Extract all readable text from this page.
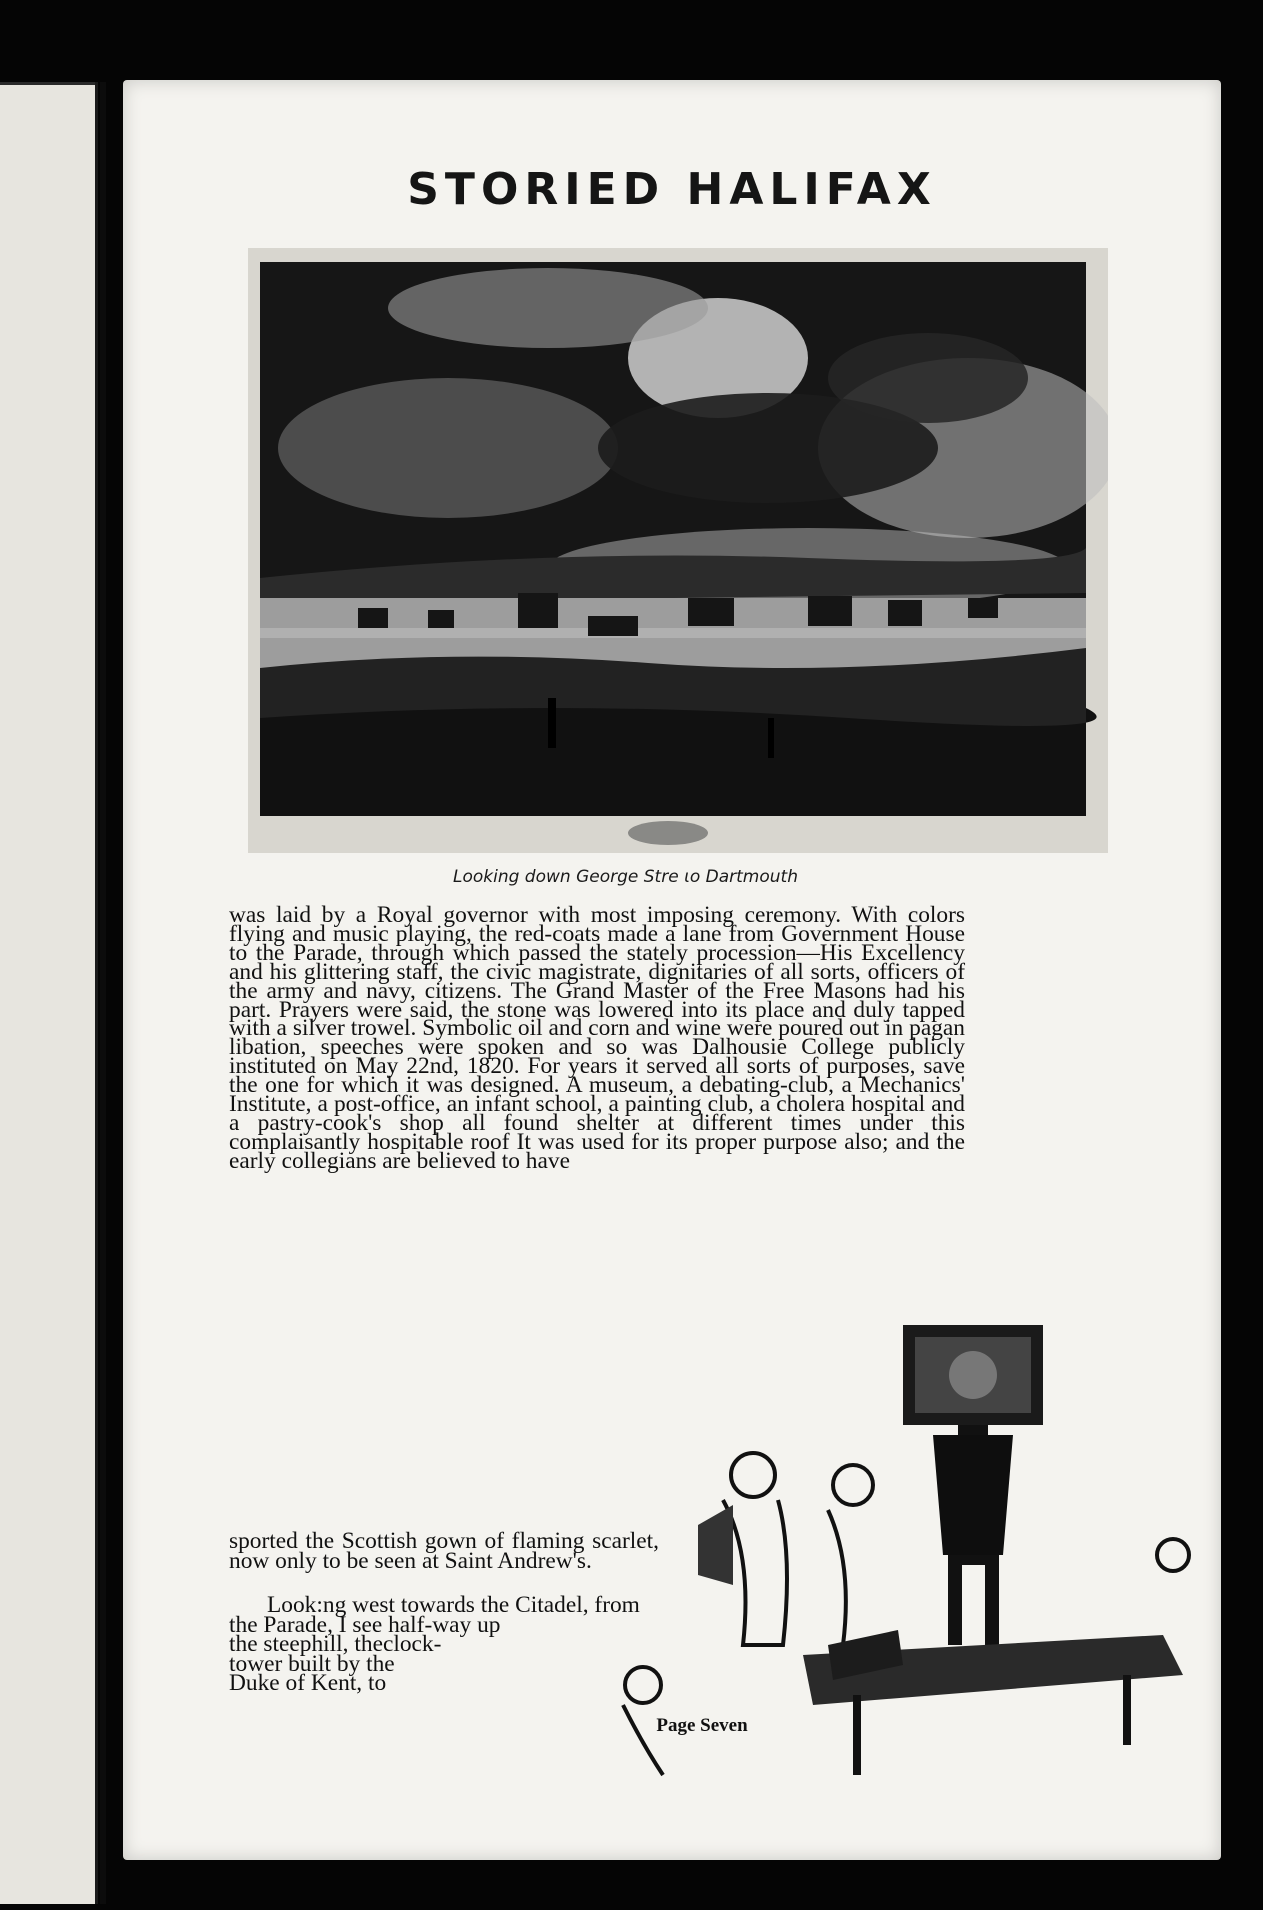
STORIED HALIFAX
Looking down George Stre ιo Dartmouth

was laid by a Royal governor with most imposing ceremony. With colors flying and music playing, the red-coats made a lane from Government House to the Parade, through which passed the stately procession—His Excellency and his glittering staff, the civic magistrate, dignitaries of all sorts, officers of the army and navy, citizens. The Grand Master of the Free Masons had his part. Prayers were said, the stone was lowered into its place and duly tapped with a silver trowel. Symbolic oil and corn and wine were poured out in pagan libation, speeches were spoken and so was Dalhousie College publicly instituted on May 22nd, 1820. For years it served all sorts of purposes, save the one for which it was designed. A museum, a debating-club, a Mechanics' Institute, a post-office, an infant school, a painting club, a cholera hospital and a pastry-cook's shop all found shelter at different times under this complaisantly hospitable roof It was used for its proper purpose also; and the early collegians are believed to have

sported the Scottish gown of flaming scarlet, now only to be seen at Saint Andrew's.
Look:ng west towards the Citadel, from the Parade, I see half-way up
the steephill, theclock-
tower built by the
Duke of Kent, to
Page Seven
